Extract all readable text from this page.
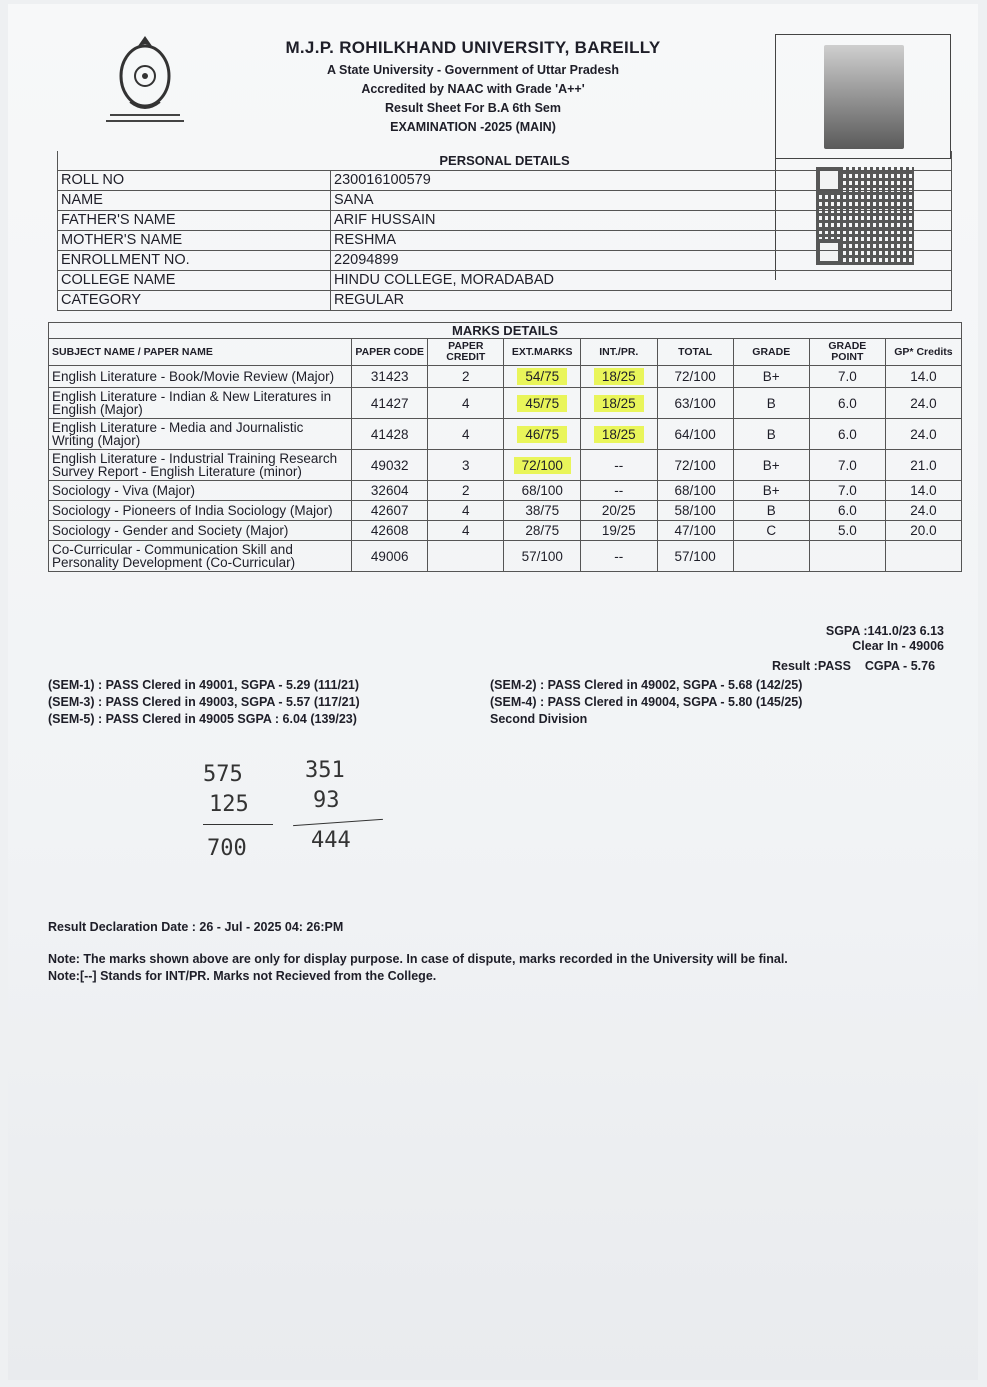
M.J.P. ROHILKHAND UNIVERSITY, BAREILLY
A State University - Government of Uttar Pradesh
Accredited by NAAC with Grade 'A++'
Result Sheet For B.A 6th Sem
EXAMINATION -2025 (MAIN)
PERSONAL DETAILS	
ROLL NO	230016100579
NAME	SANA
FATHER'S NAME	ARIF HUSSAIN
MOTHER'S NAME	RESHMA
ENROLLMENT NO.	22094899
COLLEGE NAME	HINDU COLLEGE, MORADABAD
CATEGORY	REGULAR
MARKS DETAILS								
SUBJECT NAME / PAPER NAME	PAPER CODE	PAPER CREDIT	EXT.MARKS	INT./PR.	TOTAL	GRADE	GRADE POINT	GP* Credits
English Literature - Book/Movie Review (Major)	31423	2	54/75	18/25	72/100	B+	7.0	14.0
English Literature - Indian & New Literatures in English (Major)	41427	4	45/75	18/25	63/100	B	6.0	24.0
English Literature - Media and Journalistic Writing (Major)	41428	4	46/75	18/25	64/100	B	6.0	24.0
English Literature - Industrial Training Research Survey Report - English Literature (minor)	49032	3	72/100	--	72/100	B+	7.0	21.0
Sociology - Viva (Major)	32604	2	68/100	--	68/100	B+	7.0	14.0
Sociology - Pioneers of India Sociology (Major)	42607	4	38/75	20/25	58/100	B	6.0	24.0
Sociology - Gender and Society (Major)	42608	4	28/75	19/25	47/100	C	5.0	20.0
Co-Curricular - Communication Skill and Personality Development (Co-Curricular)	49006		57/100	--	57/100			
SGPA :141.0/23 6.13
Clear In - 49006
Result :PASS CGPA - 5.76
(SEM-1) : PASS Clered in 49001, SGPA - 5.29 (111/21)
(SEM-3) : PASS Clered in 49003, SGPA - 5.57 (117/21)
(SEM-5) : PASS Clered in 49005 SGPA : 6.04 (139/23)
(SEM-2) : PASS Clered in 49002, SGPA - 5.68 (142/25)
(SEM-4) : PASS Clered in 49004, SGPA - 5.80 (145/25)
Second Division
575	351
125	93
700	444
Result Declaration Date : 26 - Jul - 2025 04: 26:PM
Note: The marks shown above are only for display purpose. In case of dispute, marks recorded in the University will be final.
Note:[--] Stands for INT/PR. Marks not Recieved from the College.
